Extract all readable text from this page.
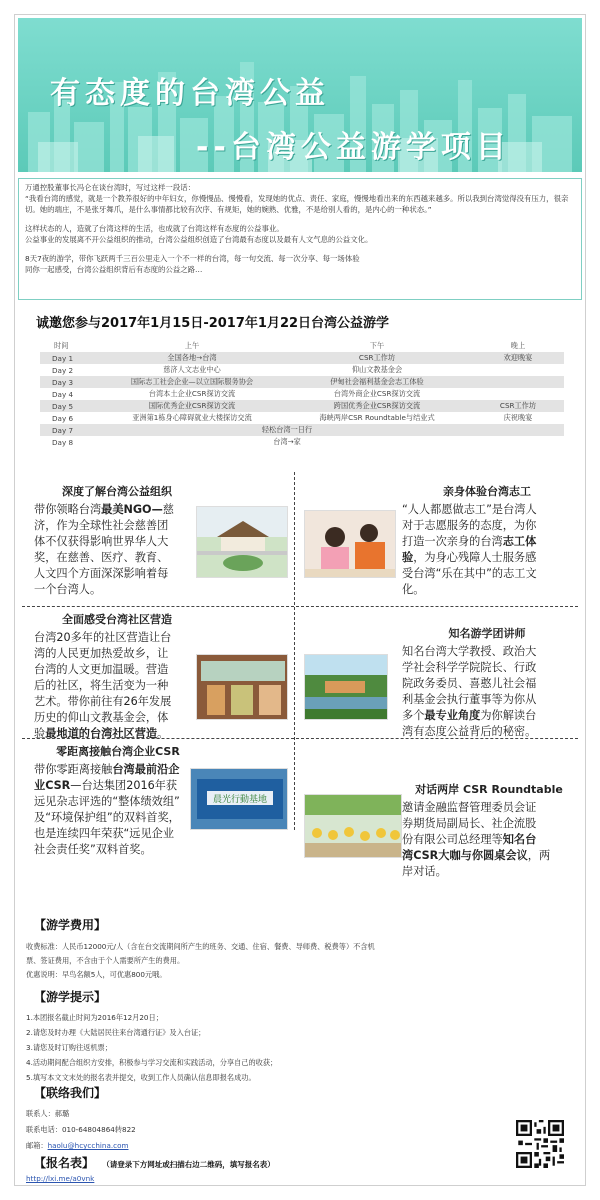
有态度的台湾公益
--台湾公益游学项目

万通控股董事长冯仑在谈台湾时，写过这样一段话：

“我看台湾的感觉，就是一个教养很好的中年妇女，你慢慢品、慢慢看，发现她的优点、责任、家庭，慢慢地看出来的东西越来越多。所以我到台湾觉得没有压力，很亲切。她的端庄，不是张牙舞爪，是什么事情都比较有次序、有规矩，她的婉熟、优雅，不是给别人看的，是内心的一种状态。”

这样状态的人，造就了台湾这样的生活，也成就了台湾这样有态度的公益事业。

公益事业的发展离不开公益组织的推动，台湾公益组织创造了台湾最有态度以及最有人文气息的公益文化。

8天7夜的游学，带你飞跃两千三百公里走入一个不一样的台湾，每一句交流、每一次分享、每一场体验

同你一起感受，台湾公益组织背后有态度的公益之路…

诚邀您参与2017年1月15日-2017年1月22日台湾公益游学
时间	上午	下午	晚上
Day 1	全国各地→台湾	CSR工作坊	欢迎晚宴
Day 2	慈济人文志业中心	仰山文教基金会	
Day 3	国际志工社会企业—以立国际服务协会	伊甸社会福利基金会志工体验	
Day 4	台湾本土企业CSR探访交流	台湾外商企业CSR探访交流	
Day 5	国际优秀企业CSR探访交流	跨国优秀企业CSR探访交流	CSR工作坊
Day 6	亚洲第1栋身心障碍就业大楼探访交流	海峡两岸CSR Roundtable与结业式	庆祝晚宴
Day 7	轻松台湾一日行		
Day 8	台湾→家		
深度了解台湾公益组织
带你领略台湾最美NGO—慈
济，作为全球性社会慈善团
体不仅获得影响世界华人大
奖，在慈善、医疗、教育、
人文四个方面深深影响着每
一个台湾人。
亲身体验台湾志工
“人人都愿做志工”是台湾人
对于志愿服务的态度，为你
打造一次亲身的台湾志工体
验，为身心残障人士服务感
受台湾“乐在其中”的志工文
化。
全面感受台湾社区营造
台湾20多年的社区营造让台
湾的人民更加热爱故乡，让
台湾的人文更加温暖。营造
后的社区，将生活变为一种
艺术。带你前往有26年发展
历史的仰山文教基金会，体
验最地道的台湾社区营造。
知名游学团讲师
知名台湾大学教授、政治大
学社会科学学院院长、行政
院政务委员、喜憨儿社会福
利基金会执行董事等为你从
多个最专业角度为你解读台
湾有态度公益背后的秘密。
零距离接触台湾企业CSR
带你零距离接触台湾最前沿企
业CSR—台达集团2016年获
远见杂志评选的“整体绩效组”
及“环境保护组”的双料首奖，
也是连续四年荣获“远见企业
社会责任奖”双料首奖。
晨光行動基地
对话两岸 CSR Roundtable
邀请金融监督管理委员会证
券期货局副局长、社企流股
份有限公司总经理等知名台
湾CSR大咖与你圆桌会议，两
岸对话。
【游学费用】
收费标准：人民币12000元/人（含在台交流期间所产生的班务、交通、住宿、餐费、导师费、税费等）不含机
票、签证费用，不含由于个人需要所产生的费用。
优惠说明：早鸟名额5人，可优惠800元哦。
【游学提示】
1.本团报名截止时间为2016年12月20日；
2.请您及时办理《大陆居民往来台湾通行证》及入台证；
3.请您及时订购往返机票；
4.活动期间配合组织方安排，积极参与学习交流和实践活动，分享自己的收获；
5.填写本文文末处的报名表并提交，收到工作人员确认信息即报名成功。
【联络我们】
联系人：郝璐
联系电话：010-64804864转822
邮箱：haolu@hcycchina.com
【报名表】 （请登录下方网址或扫描右边二维码，填写报名表）
http://lxi.me/a0vnk
